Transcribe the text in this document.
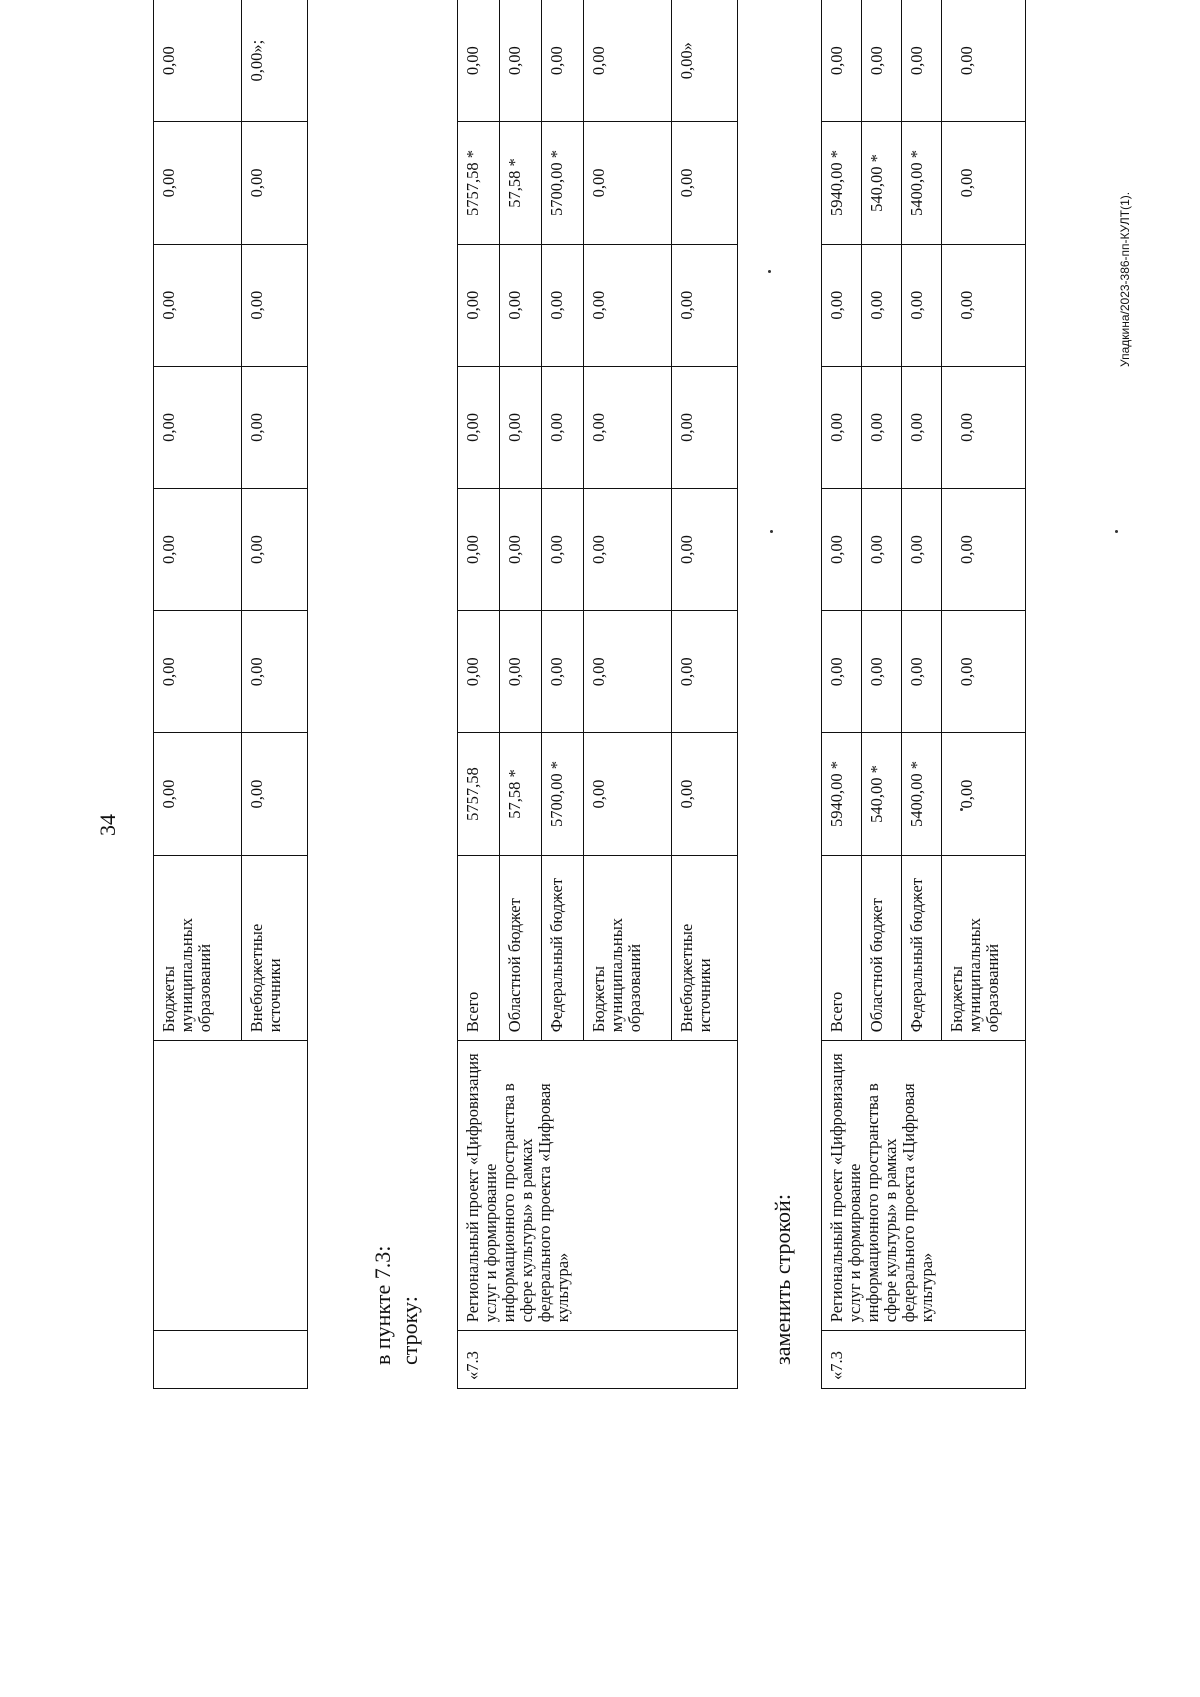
34
		Бюджеты муниципальных образований	0,00	0,00	0,00	0,00	0,00	0,00	0,00
		Внебюджетные источники	0,00	0,00	0,00	0,00	0,00	0,00	0,00»;
в пункте 7.3: строку:
«7.3	Региональный проект «Цифровизация услуг и формирование информационного пространства в сфере культуры» в рамках федерального проекта «Цифровая культура»	Всего	5757,58	0,00	0,00	0,00	0,00	5757,58 *	0,00
		Областной бюджет	57,58 *	0,00	0,00	0,00	0,00	57,58 *	0,00
		Федеральный бюджет	5700,00 *	0,00	0,00	0,00	0,00	5700,00 *	0,00
		Бюджеты муниципальных образований	0,00	0,00	0,00	0,00	0,00	0,00	0,00
		Внебюджетные источники	0,00	0,00	0,00	0,00	0,00	0,00	0,00»
заменить строкой:
«7.3	Региональный проект «Цифровизация услуг и формирование информационного пространства в сфере культуры» в рамках федерального проекта «Цифровая культура»	Всего	5940,00 *	0,00	0,00	0,00	0,00	5940,00 *	0,00
		Областной бюджет	540,00 *	0,00	0,00	0,00	0,00	540,00 *	0,00
		Федеральный бюджет	5400,00 *	0,00	0,00	0,00	0,00	5400,00 *	0,00
		Бюджеты муниципальных образований	0,00	0,00	0,00	0,00	0,00	0,00	0,00
Упадкина/2023-386-пп-КУЛТ(1).
